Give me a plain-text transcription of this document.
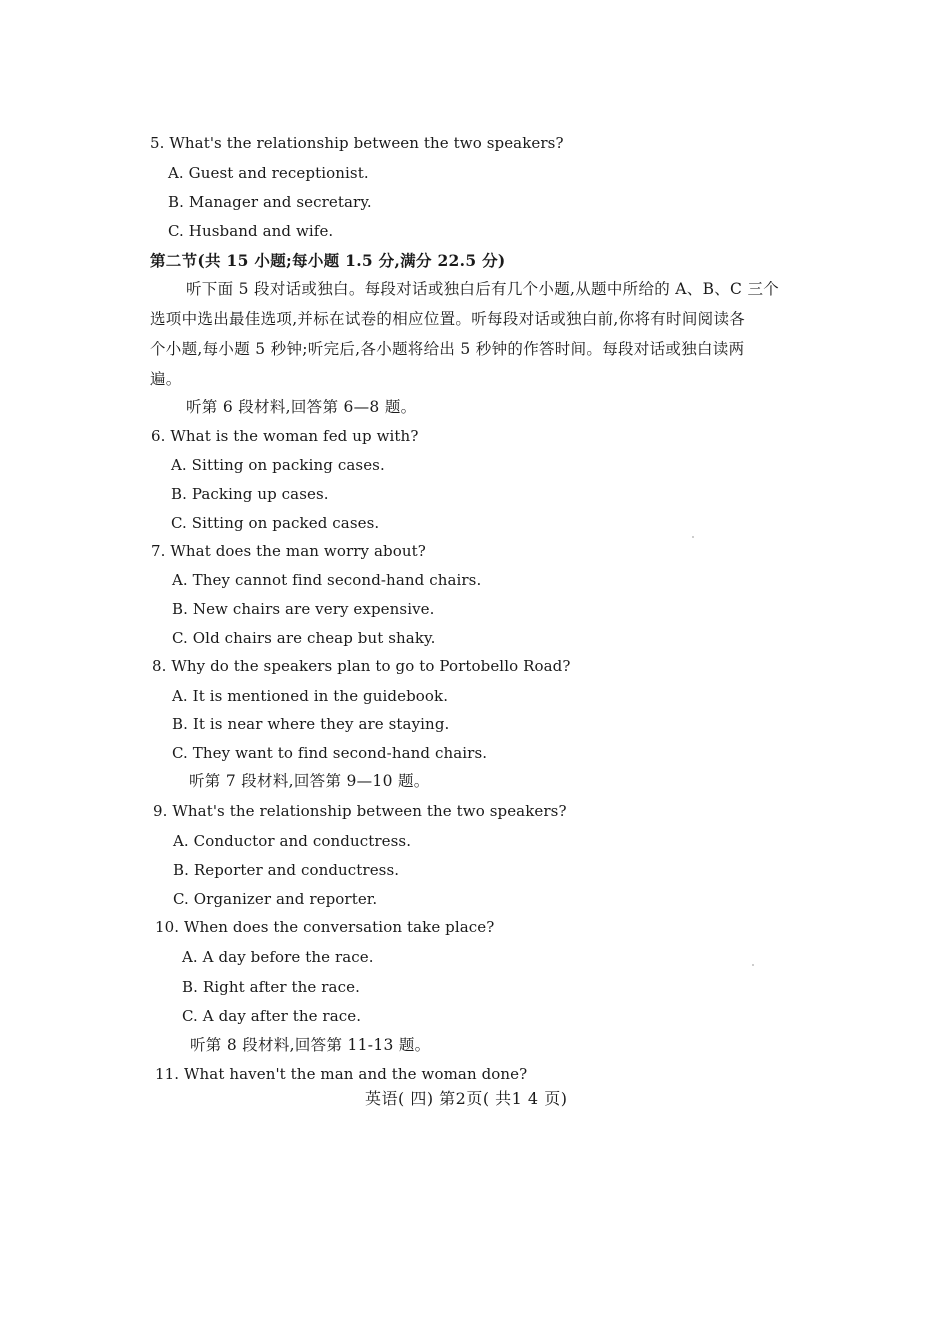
5. What's the relationship between the two speakers?
A. Guest and receptionist.
B. Manager and secretary.
C. Husband and wife.
第二节(共 15 小题;每小题 1.5 分,满分 22.5 分)
听下面 5 段对话或独白。每段对话或独白后有几个小题,从题中所给的 A、B、C 三个
选项中选出最佳选项,并标在试卷的相应位置。听每段对话或独白前,你将有时间阅读各
个小题,每小题 5 秒钟;听完后,各小题将给出 5 秒钟的作答时间。每段对话或独白读两
遍。
听第 6 段材料,回答第 6—8 题。
6. What is the woman fed up with?
A. Sitting on packing cases.
B. Packing up cases.
C. Sitting on packed cases.
7. What does the man worry about?
A. They cannot find second-hand chairs.
B. New chairs are very expensive.
C. Old chairs are cheap but shaky.
8. Why do the speakers plan to go to Portobello Road?
A. It is mentioned in the guidebook.
B. It is near where they are staying.
C. They want to find second-hand chairs.
听第 7 段材料,回答第 9—10 题。
9. What's the relationship between the two speakers?
A. Conductor and conductress.
B. Reporter and conductress.
C. Organizer and reporter.
10. When does the conversation take place?
A. A day before the race.
B. Right after the race.
C. A day after the race.
听第 8 段材料,回答第 11-13 题。
11. What haven't the man and the woman done?
英语( 四) 第2页( 共1 4 页)
